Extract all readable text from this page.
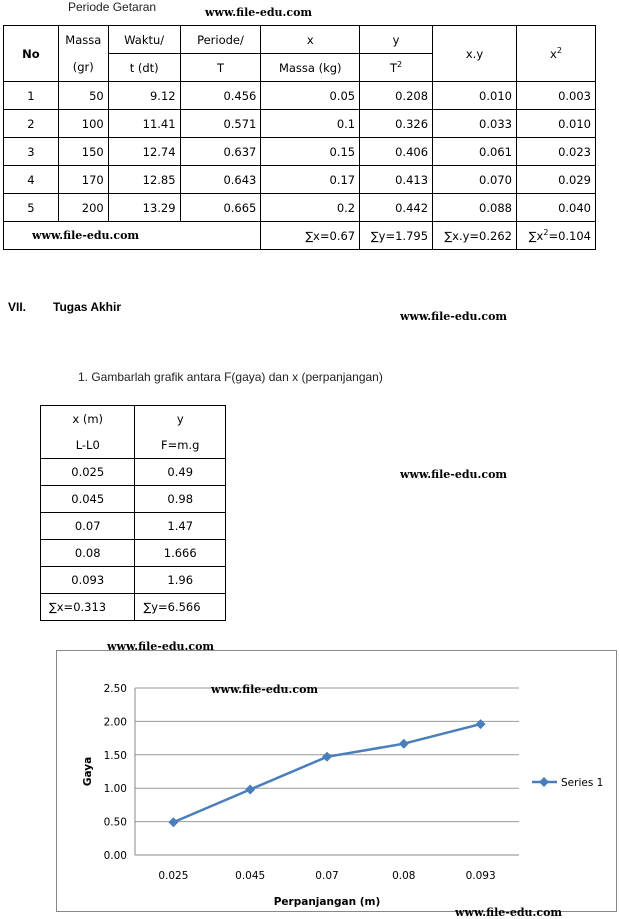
Periode Getaran	www.file-edu.com
No	Massa	Waktu/	Periode/	x	y	x.y	$x^2$
	(gr)	t (dt)	T	Massa (kg)	$T^2$
1	50	9.12	0.456	0.05	0.208	0.010	0.003
2	100	11.41	0.571	0.1	0.326	0.033	0.010
3	150	12.74	0.637	0.15	0.406	0.061	0.023
4	170	12.85	0.643	0.17	0.413	0.070	0.029
5	200	13.29	0.665	0.2	0.442	0.088	0.040
www.file-edu.com				∑x=0.67	∑y=1.795	∑x.y=0.262	$\sum x^2=0.104$
VII. Tugas Akhir
www.file-edu.com
1. Gambarlah grafik antara F(gaya) dan x (perpanjangan)
x (m)	y
L-L0	F=m.g
0.025	0.49
0.045	0.98
0.07	1.47
0.08	1.666
0.093	1.96
∑x=0.313	∑y=6.566
www.file-edu.com
www.file-edu.com
0.00
0.50
1.00
1.50
2.00
2.50
0.025	0.045	0.07	0.08	0.093
Perpanjangan (m)
Gaya	Series 1
www.file-edu.com
www.file-edu.com
